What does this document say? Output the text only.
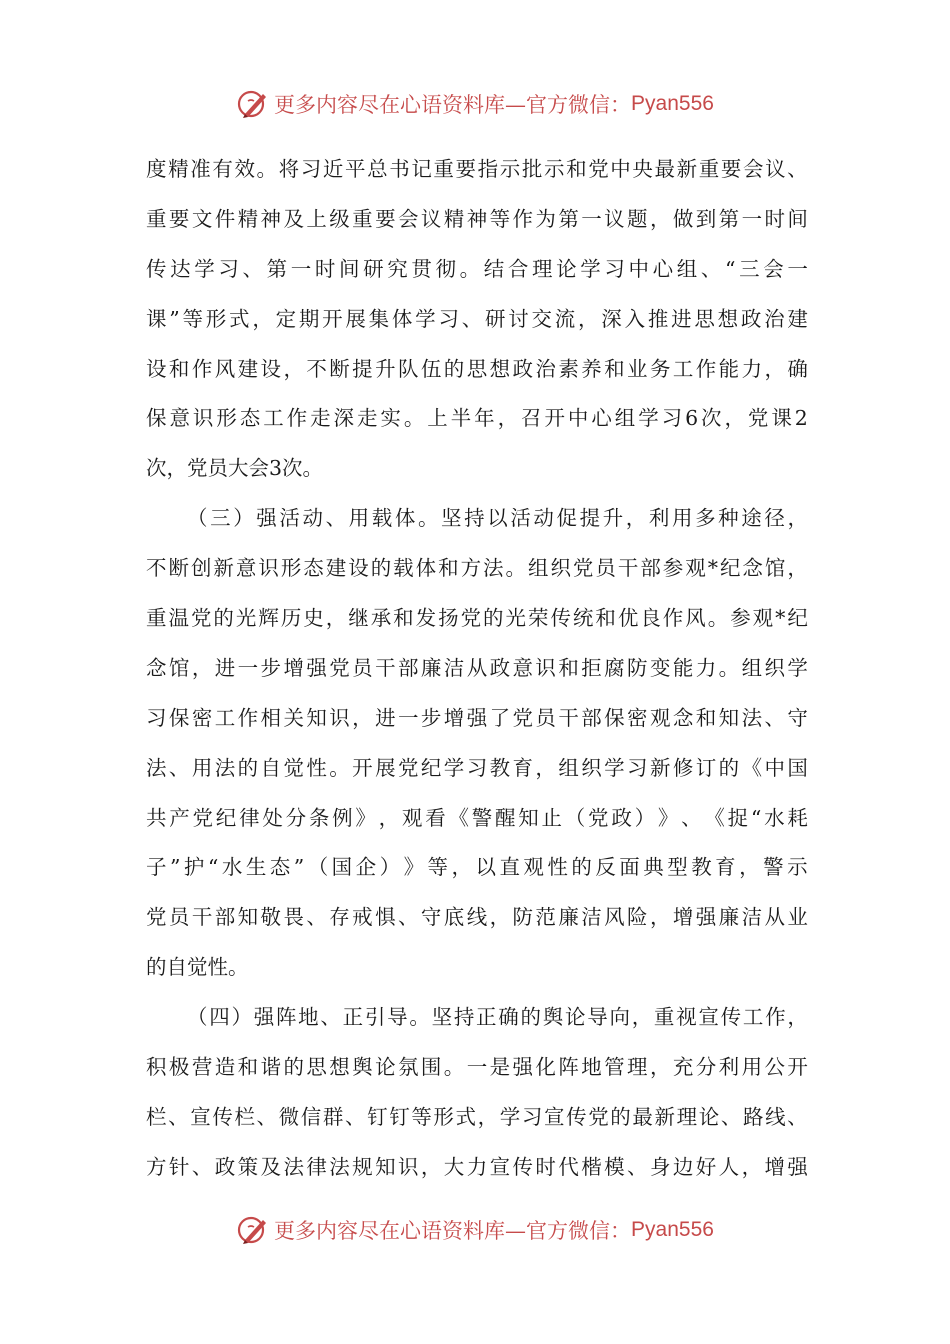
更多内容尽在心语资料库—官方微信： Pyan556
度 精 准 有 效 。 将 习 近 平 总 书 记 重 要 指 示 批 示 和 党 中 央 最 新 重 要 会 议 、
重 要 文 件 精 神 及 上 级 重 要 会 议 精 神 等 作 为 第 一 议 题 ， 做 到 第 一 时 间
传 达 学 习 、 第 一 时 间 研 究 贯 彻 。 结 合 理 论 学 习 中 心 组 、 “ 三 会 一
课 ” 等 形 式 ， 定 期 开 展 集 体 学 习 、 研 讨 交 流 ， 深 入 推 进 思 想 政 治 建
设 和 作 风 建 设 ， 不 断 提 升 队 伍 的 思 想 政 治 素 养 和 业 务 工 作 能 力 ， 确
保 意 识 形 态 工 作 走 深 走 实 。 上 半 年 ， 召 开 中 心 组 学 习 6 次 ， 党 课 2
次，党员大会3次。
（ 三 ） 强 活 动 、 用 载 体 。 坚 持 以 活 动 促 提 升 ， 利 用 多 种 途 径 ，
不 断 创 新 意 识 形 态 建 设 的 载 体 和 方 法 。 组 织 党 员 干 部 参 观 * 纪 念 馆 ，
重 温 党 的 光 辉 历 史 ， 继 承 和 发 扬 党 的 光 荣 传 统 和 优 良 作 风 。 参 观 * 纪
念 馆 ， 进 一 步 增 强 党 员 干 部 廉 洁 从 政 意 识 和 拒 腐 防 变 能 力 。 组 织 学
习 保 密 工 作 相 关 知 识 ， 进 一 步 增 强 了 党 员 干 部 保 密 观 念 和 知 法 、 守
法 、 用 法 的 自 觉 性 。 开 展 党 纪 学 习 教 育 ， 组 织 学 习 新 修 订 的 《 中 国
共 产 党 纪 律 处 分 条 例 》 ， 观 看 《 警 醒 知 止 （ 党 政 ） 》 、 《 捉 “ 水 耗
子 ” 护 “ 水 生 态 ” （ 国 企 ） 》 等 ， 以 直 观 性 的 反 面 典 型 教 育 ， 警 示
党 员 干 部 知 敬 畏 、 存 戒 惧 、 守 底 线 ， 防 范 廉 洁 风 险 ， 增 强 廉 洁 从 业
的自觉性。
（ 四 ） 强 阵 地 、 正 引 导 。 坚 持 正 确 的 舆 论 导 向 ， 重 视 宣 传 工 作 ，
积 极 营 造 和 谐 的 思 想 舆 论 氛 围 。 一 是 强 化 阵 地 管 理 ， 充 分 利 用 公 开
栏 、 宣 传 栏 、 微 信 群 、 钉 钉 等 形 式 ， 学 习 宣 传 党 的 最 新 理 论 、 路 线 、
方 针 、 政 策 及 法 律 法 规 知 识 ， 大 力 宣 传 时 代 楷 模 、 身 边 好 人 ， 增 强
更多内容尽在心语资料库—官方微信： Pyan556
